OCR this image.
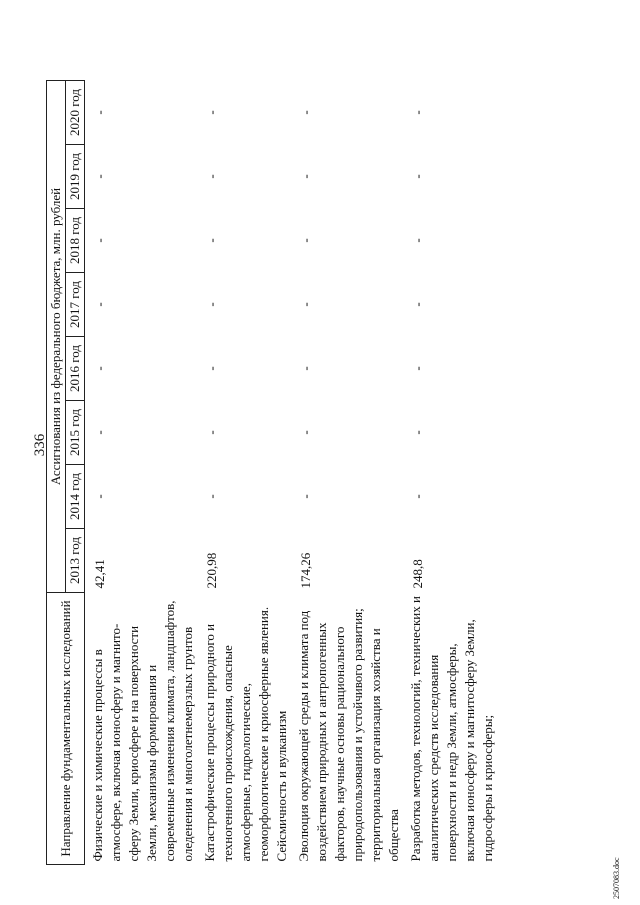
336
Направление фундаментальных исследований	Ассигнования из федерального бюджета, млн. рублей							
	2013 год	2014 год	2015 год	2016 год	2017 год	2018 год	2019 год	2020 год
Физические и химические процессы в атмосфере, включая ионосферу и магнито-сферу Земли, криосфере и на поверхности Земли, механизмы формирования и современные изменения климата, ландшафтов, оледенения и многолетнемерзлых грунтов	42,41	-	-	-	-	-	-	-
Катастрофические процессы природного и техногенного происхождения, опасные атмосферные, гидрологические, геоморфологические и криосферные явления. Сейсмичность и вулканизм	220,98	-	-	-	-	-	-	-
Эволюция окружающей среды и климата под воздействием природных и антропогенных факторов, научные основы рационального природопользования и устойчивого развития; территориальная организация хозяйства и общества	174,26	-	-	-	-	-	-	-
Разработка методов, технологий, технических и аналитических средств исследования поверхности и недр Земли, атмосферы, включая ионосферу и магнитосферу Земли, гидросферы и криосферы;	248,8	-	-	-	-	-	-	-
2507083.doc
